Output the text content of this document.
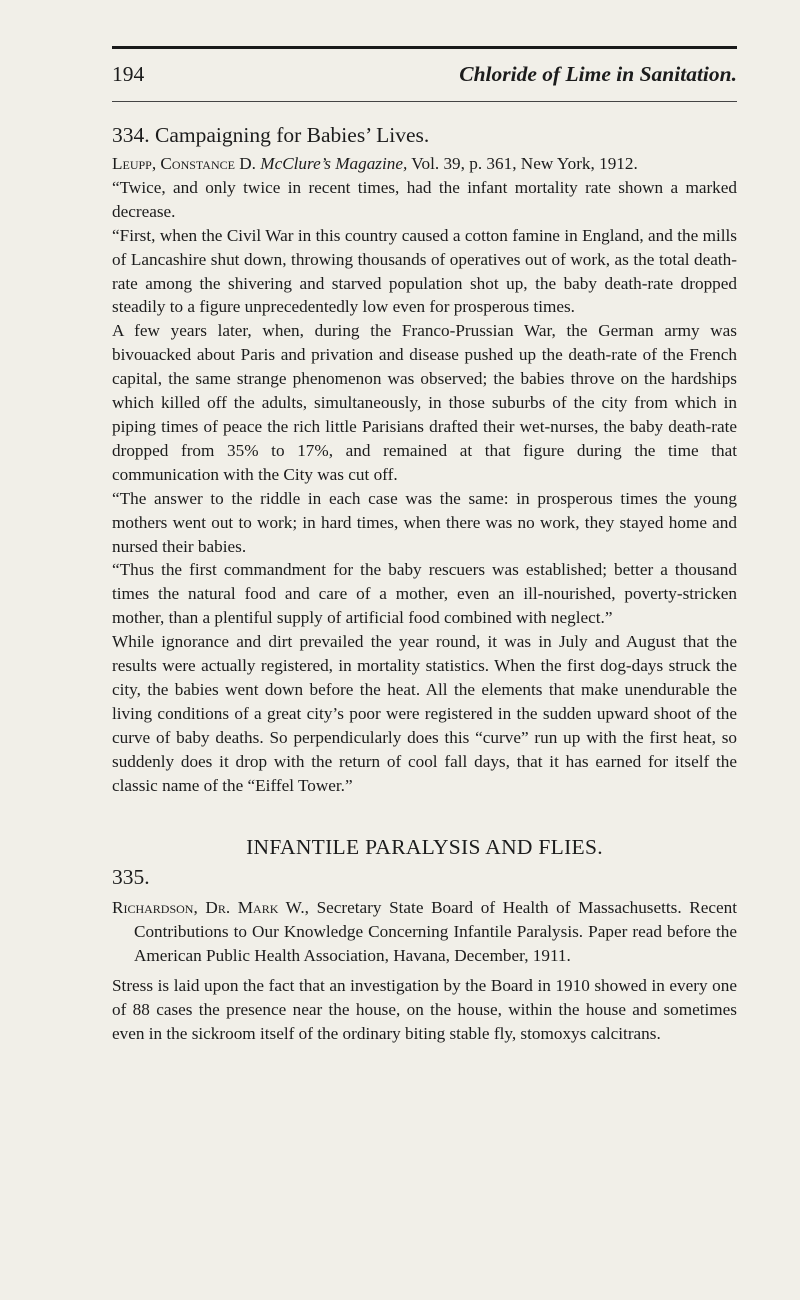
194	Chloride of Lime in Sanitation.

334. Campaigning for Babies’ Lives.

Leupp, Constance D. McClure’s Magazine, Vol. 39, p. 361, New York, 1912.

“Twice, and only twice in recent times, had the infant mortality rate shown a marked decrease.

“First, when the Civil War in this country caused a cotton famine in England, and the mills of Lancashire shut down, throwing thousands of operatives out of work, as the total death-rate among the shivering and starved population shot up, the baby death-rate dropped steadily to a figure unprecedentedly low even for prosperous times.

A few years later, when, during the Franco-Prussian War, the German army was bivouacked about Paris and privation and disease pushed up the death-rate of the French capital, the same strange phenomenon was observed; the babies throve on the hardships which killed off the adults, simultaneously, in those suburbs of the city from which in piping times of peace the rich little Parisians drafted their wet-nurses, the baby death-rate dropped from 35% to 17%, and remained at that figure during the time that communication with the City was cut off.

“The answer to the riddle in each case was the same: in prosperous times the young mothers went out to work; in hard times, when there was no work, they stayed home and nursed their babies.

“Thus the first commandment for the baby rescuers was established; better a thousand times the natural food and care of a mother, even an ill-nourished, poverty-stricken mother, than a plentiful supply of artificial food combined with neglect.”

While ignorance and dirt prevailed the year round, it was in July and August that the results were actually registered, in mortality statistics. When the first dog-days struck the city, the babies went down before the heat. All the elements that make unendurable the living conditions of a great city’s poor were registered in the sudden upward shoot of the curve of baby deaths. So perpendicularly does this “curve” run up with the first heat, so suddenly does it drop with the return of cool fall days, that it has earned for itself the classic name of the “Eiffel Tower.”

INFANTILE PARALYSIS AND FLIES.

335.

Richardson, Dr. Mark W., Secretary State Board of Health of Massachusetts. Recent Contributions to Our Knowledge Concerning Infantile Paralysis. Paper read before the American Public Health Association, Havana, December, 1911.

Stress is laid upon the fact that an investigation by the Board in 1910 showed in every one of 88 cases the presence near the house, on the house, within the house and sometimes even in the sickroom itself of the ordinary biting stable fly, stomoxys calcitrans.
